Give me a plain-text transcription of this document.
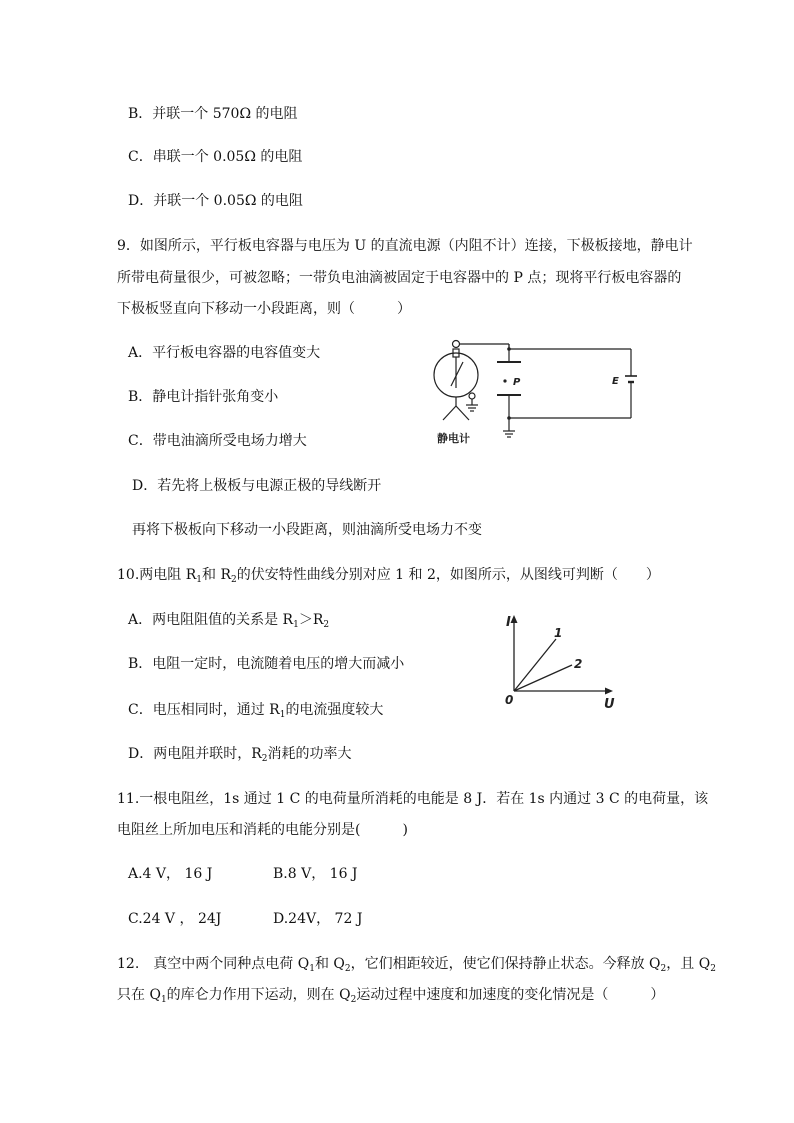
B．并联一个 570Ω 的电阻
C．串联一个 0.05Ω 的电阻
D．并联一个 0.05Ω 的电阻
9．如图所示，平行板电容器与电压为 U 的直流电源（内阻不计）连接，下极板接地，静电计
所带电荷量很少，可被忽略；一带负电油滴被固定于电容器中的 P 点；现将平行板电容器的
下极板竖直向下移动一小段距离，则（　　　）
A．平行板电容器的电容值变大
B．静电计指针张角变小
C．带电油滴所受电场力增大
D．若先将上极板与电源正极的导线断开
再将下极板向下移动一小段距离，则油滴所受电场力不变
P	E
静电计
10.两电阻 $R_1$和 $R_2$的伏安特性曲线分别对应 1 和 2，如图所示，从图线可判断（　　）
A．两电阻阻值的关系是 $R_1>R_2$
B．电阻一定时，电流随着电压的增大而减小
C．电压相同时，通过 $R_1$的电流强度较大
D．两电阻并联时，$R_2$消耗的功率大
I
U
0
1
2
11.一根电阻丝，1s 通过 1 C 的电荷量所消耗的电能是 8 J．若在 1s 内通过 3 C 的电荷量，该
电阻丝上所加电压和消耗的电能分别是(　　　)
A.4 V， 16 J	B.8 V， 16 J
C.24 V ， 24J	D.24V， 72 J
12.　真空中两个同种点电荷 $Q_1$和 $Q_2$，它们相距较近，使它们保持静止状态。今释放 $Q_2$，且 $Q_2$
只在 $Q_1$的库仑力作用下运动，则在 $Q_2$运动过程中速度和加速度的变化情况是（　　　）
